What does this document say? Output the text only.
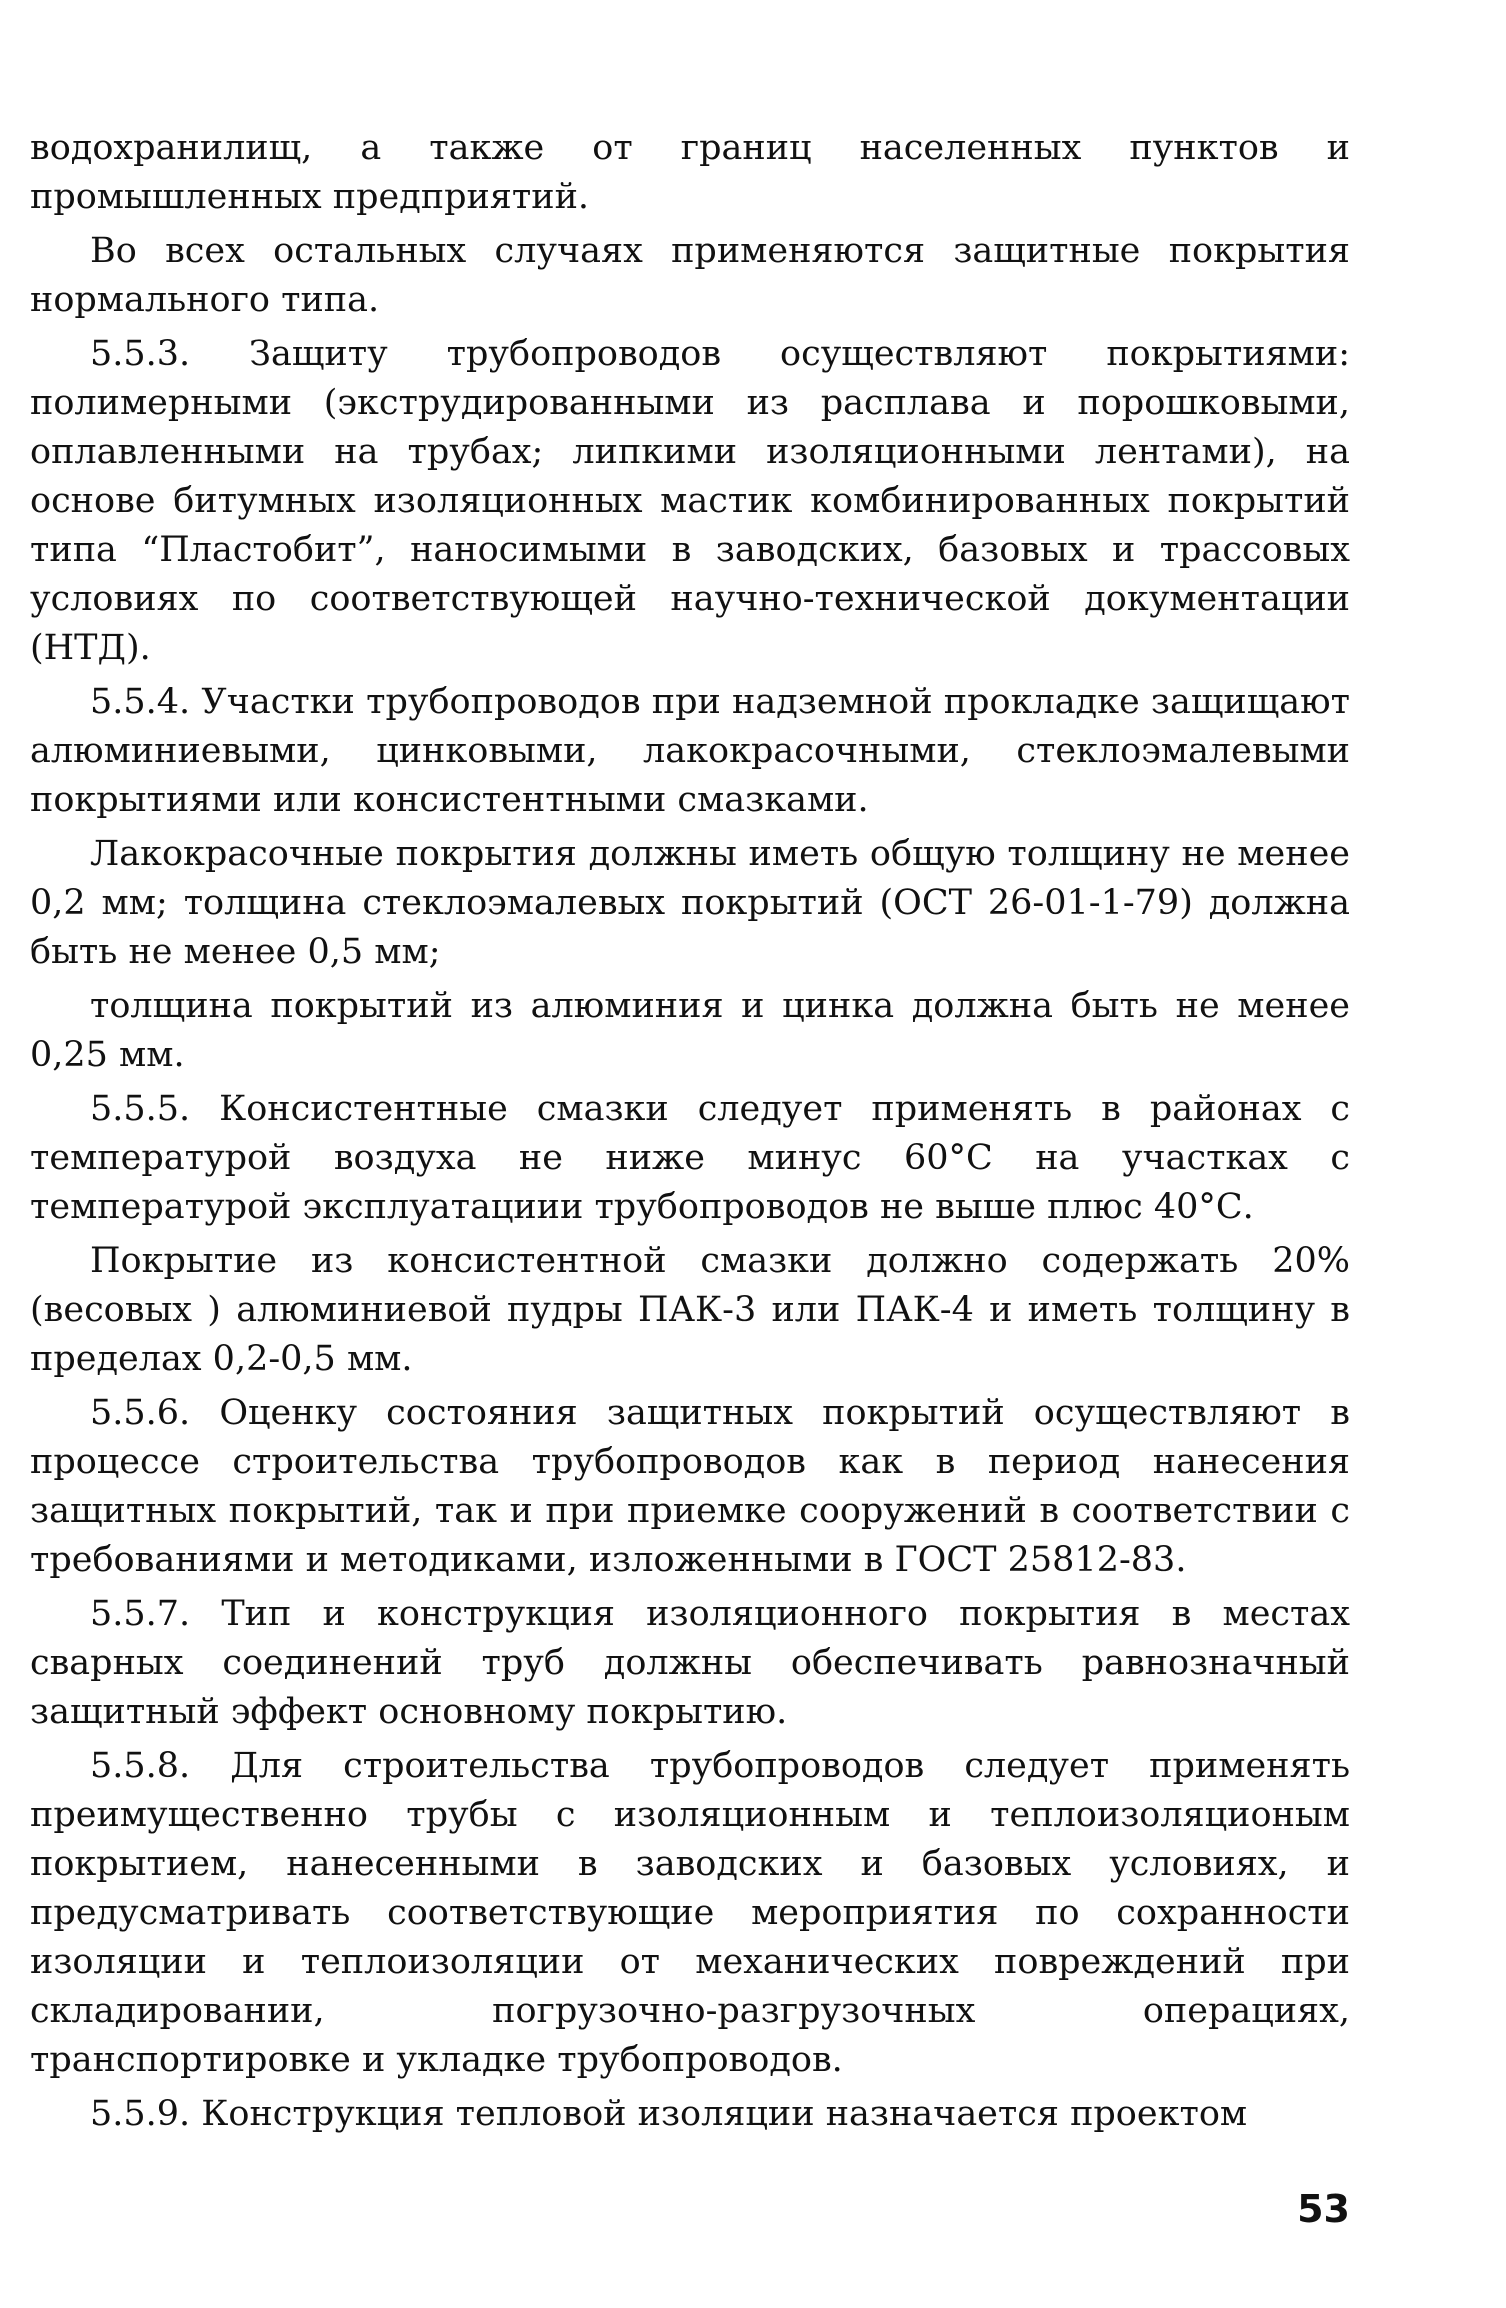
водохранилищ, а также от границ населенных пунктов и промышленных предприятий.

Во всех остальных случаях применяются защитные покрытия нормального типа.

5.5.3. Защиту трубопроводов осуществляют покрытиями: полимерными (экструдированными из расплава и порошковыми, оплавленными на трубах; липкими изоляционными лентами), на основе битумных изоляционных мастик комбинированных покрытий типа “Пластобит”, наносимыми в заводских, базовых и трассовых условиях по соответствующей научно-технической документации (НТД).

5.5.4. Участки трубопроводов при надземной прокладке защищают алюминиевыми, цинковыми, лакокрасочными, стеклоэмалевыми покрытиями или консистентными смазками.

Лакокрасочные покрытия должны иметь общую толщину не менее 0,2 мм; толщина стеклоэмалевых покрытий (ОСТ 26-01-1-79) должна быть не менее 0,5 мм;

толщина покрытий из алюминия и цинка должна быть не менее 0,25 мм.

5.5.5. Консистентные смазки следует применять в районах с температурой воздуха не ниже минус 60°С на участках с температурой эксплуатациии трубопроводов не выше плюс 40°С.

Покрытие из консистентной смазки должно содержать 20% (весовых ) алюминиевой пудры ПАК-3 или ПАК-4 и иметь толщину в пределах 0,2-0,5 мм.

5.5.6. Оценку состояния защитных покрытий осуществляют в процессе строительства трубопроводов как в период нанесения защитных покрытий, так и при приемке сооружений в соответствии с требованиями и методиками, изложенными в ГОСТ 25812-83.

5.5.7. Тип и конструкция изоляционного покрытия в местах сварных соединений труб должны обеспечивать равнозначный защитный эффект основному покрытию.

5.5.8. Для строительства трубопроводов следует применять преимущественно трубы с изоляционным и теплоизоляционым покрытием, нанесенными в заводских и базовых условиях, и предусматривать соответствующие мероприятия по сохранности изоляции и теплоизоляции от механических повреждений при складировании, погрузочно-разгрузочных операциях, транспортировке и укладке трубопроводов.

5.5.9. Конструкция тепловой изоляции назначается проектом

53
